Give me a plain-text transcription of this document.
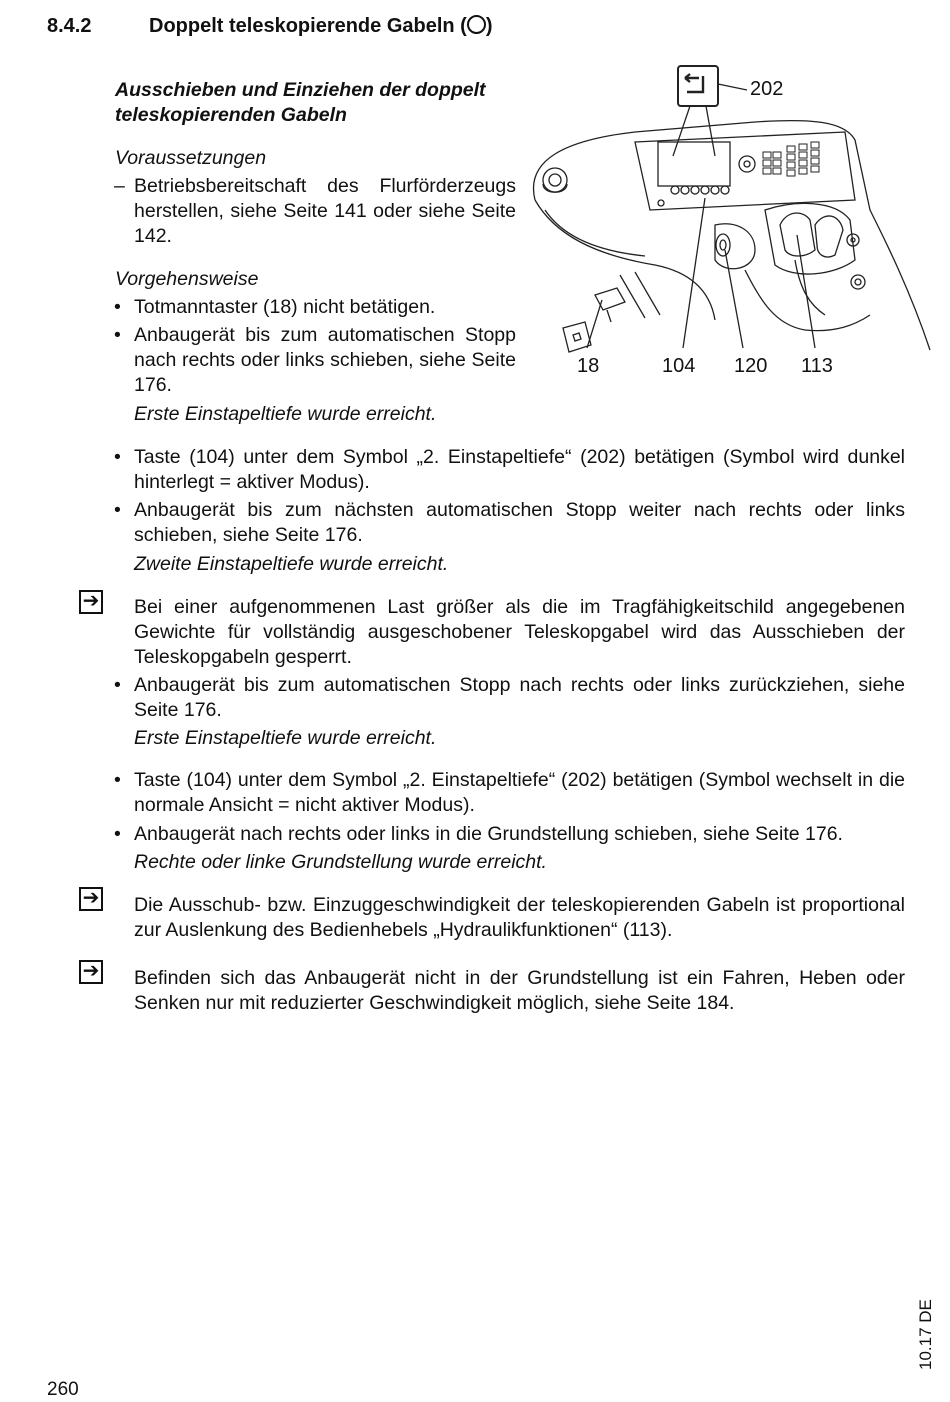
8.4.2	Doppelt teleskopierende Gabeln ( )
Ausschieben und Einziehen der doppelt
teleskopierenden Gabeln
Voraussetzungen
– Betriebsbereitschaft des Flurförderzeugs herstellen, siehe Seite 141 oder siehe Seite 142.
Vorgehensweise
• Totmanntaster (18) nicht betätigen.
• Anbaugerät bis zum automatischen Stopp nach rechts oder links schieben, siehe Seite 176.
Erste Einstapeltiefe wurde erreicht.
• Taste (104) unter dem Symbol „2. Einstapeltiefe“ (202) betätigen (Symbol wird dunkel hinterlegt = aktiver Modus).
• Anbaugerät bis zum nächsten automatischen Stopp weiter nach rechts oder links schieben, siehe Seite 176.
Zweite Einstapeltiefe wurde erreicht.
➔ Bei einer aufgenommenen Last größer als die im Tragfähigkeitschild angegebenen Gewichte für vollständig ausgeschobener Teleskopgabel wird das Ausschieben der Teleskopgabeln gesperrt.
• Anbaugerät bis zum automatischen Stopp nach rechts oder links zurückziehen, siehe Seite 176.
Erste Einstapeltiefe wurde erreicht.
• Taste (104) unter dem Symbol „2. Einstapeltiefe“ (202) betätigen (Symbol wechselt in die normale Ansicht = nicht aktiver Modus).
• Anbaugerät nach rechts oder links in die Grundstellung schieben, siehe Seite 176.
Rechte oder linke Grundstellung wurde erreicht.
➔ Die Ausschub- bzw. Einzuggeschwindigkeit der teleskopierenden Gabeln ist proportional zur Auslenkung des Bedienhebels „Hydraulikfunktionen“ (113).
➔ Befinden sich das Anbaugerät nicht in der Grundstellung ist ein Fahren, Heben oder Senken nur mit reduzierter Geschwindigkeit möglich, siehe Seite 184.
202
18	104 120 113
260
10.17 DE
